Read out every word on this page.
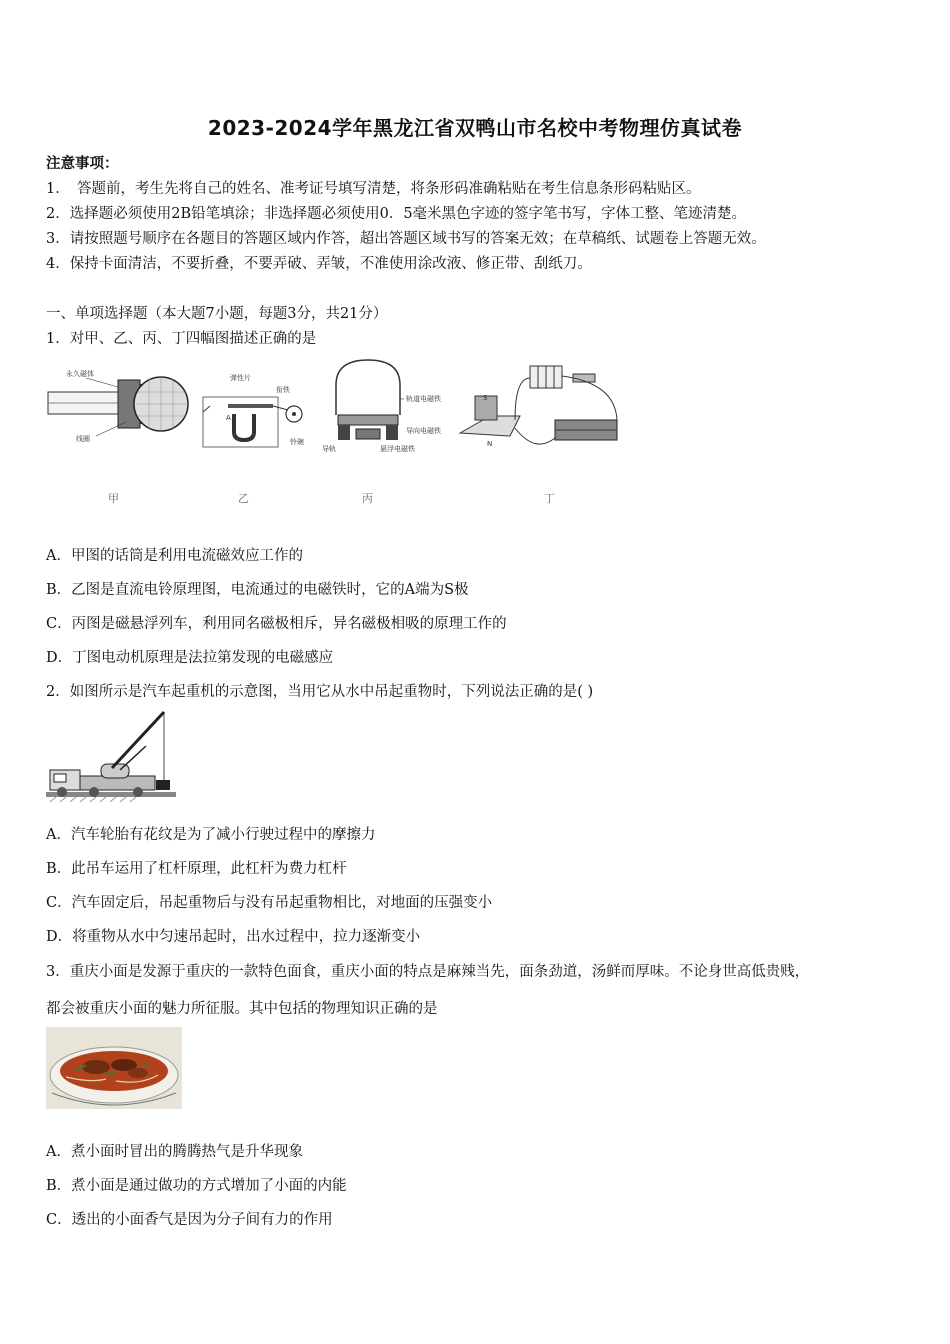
2023-2024学年黑龙江省双鸭山市名校中考物理仿真试卷
注意事项：
1．　答题前，考生先将自己的姓名、准考证号填写清楚，将条形码准确粘贴在考生信息条形码粘贴区。
2．选择题必须使用2B铅笔填涂；非选择题必须使用0．5毫米黑色字迹的签字笔书写，字体工整、笔迹清楚。
3．请按照题号顺序在各题目的答题区域内作答，超出答题区域书写的答案无效；在草稿纸、试题卷上答题无效。
4．保持卡面清洁，不要折叠，不要弄破、弄皱，不准使用涂改液、修正带、刮纸刀。
一、单项选择题（本大题7小题，每题3分，共21分）
1．对甲、乙、丙、丁四幅图描述正确的是
永久磁体
线圈
弹性片
衔铁
铃碗
A
轨道电磁铁
导向电磁铁
悬浮电磁铁
导轨
S
N
甲	乙	丙	丁
A．甲图的话筒是利用电流磁效应工作的
B．乙图是直流电铃原理图，电流通过的电磁铁时，它的A端为S极
C．丙图是磁悬浮列车，利用同名磁极相斥，异名磁极相吸的原理工作的
D．丁图电动机原理是法拉第发现的电磁感应
2．如图所示是汽车起重机的示意图，当用它从水中吊起重物时，下列说法正确的是( )
A．汽车轮胎有花纹是为了减小行驶过程中的摩擦力
B．此吊车运用了杠杆原理，此杠杆为费力杠杆
C．汽车固定后，吊起重物后与没有吊起重物相比，对地面的压强变小
D．将重物从水中匀速吊起时，出水过程中，拉力逐渐变小
3．重庆小面是发源于重庆的一款特色面食，重庆小面的特点是麻辣当先，面条劲道，汤鲜而厚味。不论身世高低贵贱，
都会被重庆小面的魅力所征服。其中包括的物理知识正确的是
A．煮小面时冒出的腾腾热气是升华现象
B．煮小面是通过做功的方式增加了小面的内能
C．透出的小面香气是因为分子间有力的作用
